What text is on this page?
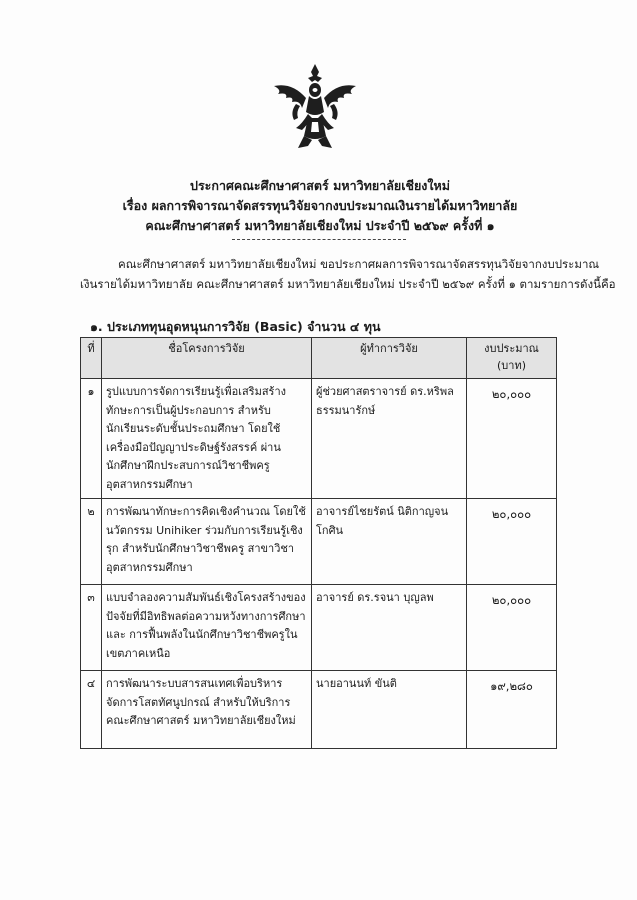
ประกาศคณะศึกษาศาสตร์ มหาวิทยาลัยเชียงใหม่
เรื่อง ผลการพิจารณาจัดสรรทุนวิจัยจากงบประมาณเงินรายได้มหาวิทยาลัย
คณะศึกษาศาสตร์ มหาวิทยาลัยเชียงใหม่ ประจำปี ๒๕๖๙ ครั้งที่ ๑
คณะศึกษาศาสตร์ มหาวิทยาลัยเชียงใหม่ ขอประกาศผลการพิจารณาจัดสรรทุนวิจัยจากงบประมาณ
เงินรายได้มหาวิทยาลัย คณะศึกษาศาสตร์ มหาวิทยาลัยเชียงใหม่ ประจำปี ๒๕๖๙ ครั้งที่ ๑ ตามรายการดังนี้คือ
๑. ประเภททุนอุดหนุนการวิจัย (Basic) จำนวน ๔ ทุน
ที่	ชื่อโครงการวิจัย	ผู้ทำการวิจัย	งบประมาณ
(บาท)
๑	รูปแบบการจัดการเรียนรู้เพื่อเสริมสร้างทักษะการเป็นผู้ประกอบการ สำหรับนักเรียนระดับชั้นประถมศึกษา โดยใช้เครื่องมือปัญญาประดิษฐ์รังสรรค์ ผ่านนักศึกษาฝึกประสบการณ์วิชาชีพครูอุตสาหกรรมศึกษา	ผู้ช่วยศาสตราจารย์ ดร.หริพล ธรรมนารักษ์	๒๐,๐๐๐
๒	การพัฒนาทักษะการคิดเชิงคำนวณ โดยใช้นวัตกรรม Unihiker ร่วมกับการเรียนรู้เชิงรุก สำหรับนักศึกษาวิชาชีพครู สาขาวิชาอุตสาหกรรมศึกษา	อาจารย์ไชยรัตน์ นิติกาญจนโกศิน	๒๐,๐๐๐
๓	แบบจำลองความสัมพันธ์เชิงโครงสร้างของปัจจัยที่มีอิทธิพลต่อความหวังทางการศึกษา และ การฟื้นพลังในนักศึกษาวิชาชีพครูในเขตภาคเหนือ	อาจารย์ ดร.รจนา บุญลพ	๒๐,๐๐๐
๔	การพัฒนาระบบสารสนเทศเพื่อบริหารจัดการโสตทัศนูปกรณ์ สำหรับให้บริการ คณะศึกษาศาสตร์ มหาวิทยาลัยเชียงใหม่	นายอานนท์ ขันติ	๑๙,๒๘๐
